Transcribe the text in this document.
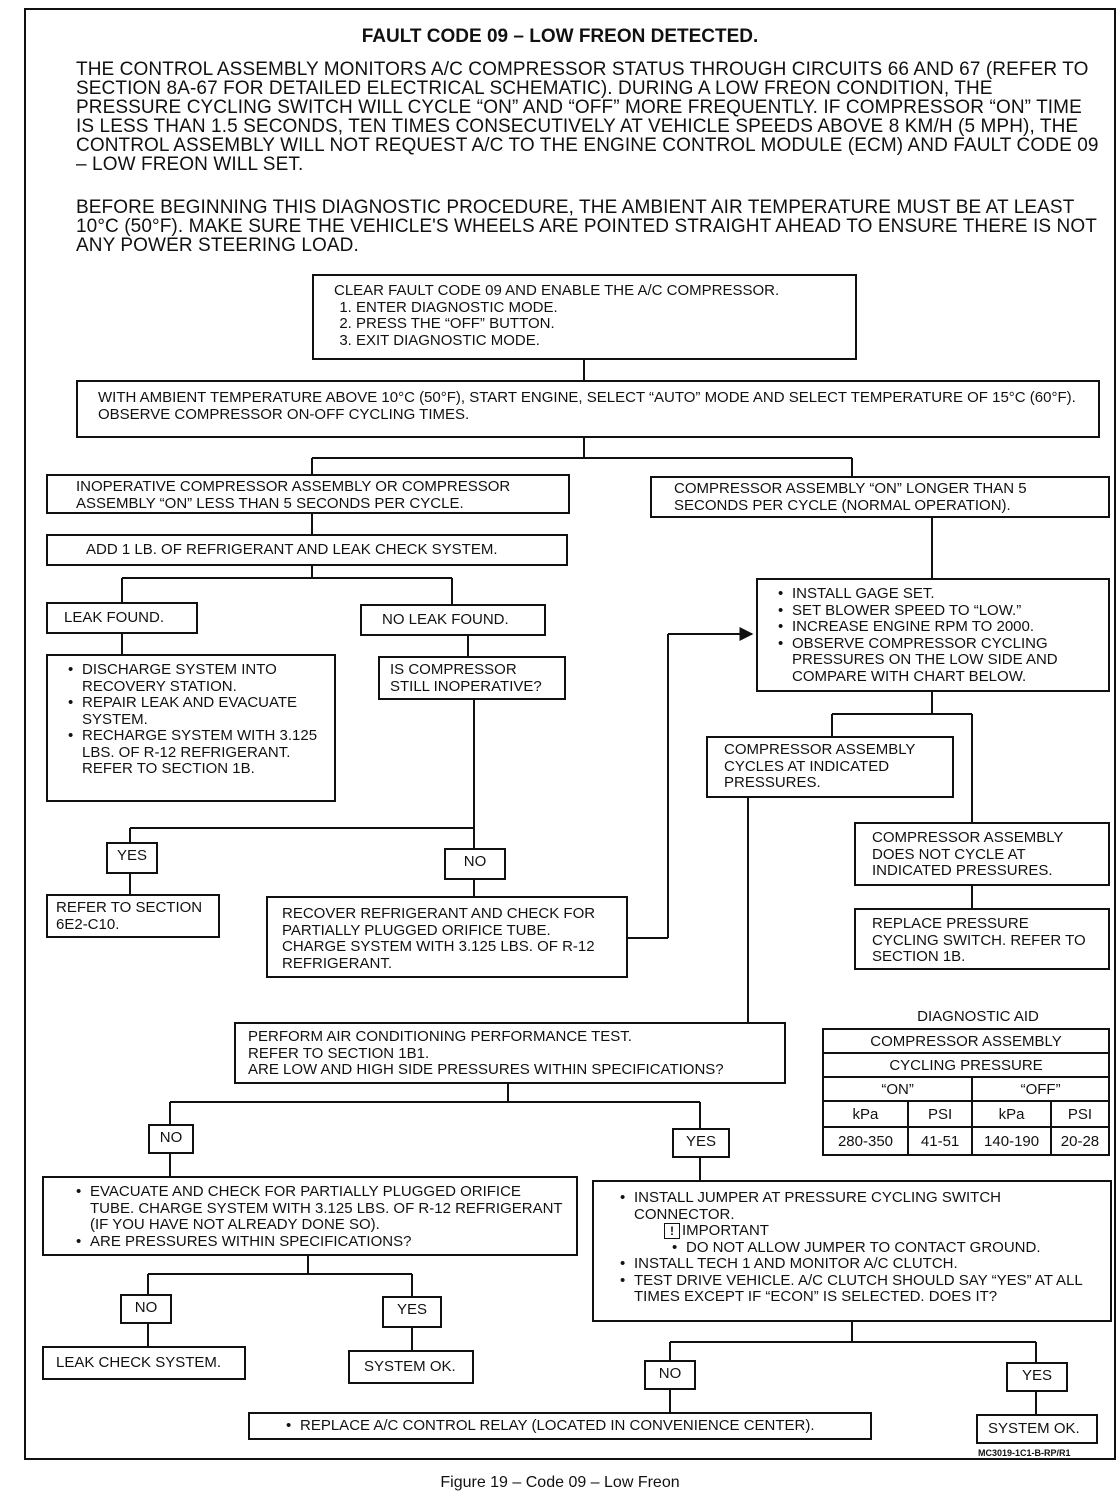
FAULT CODE 09 – LOW FREON DETECTED.
THE CONTROL ASSEMBLY MONITORS A/C COMPRESSOR STATUS THROUGH CIRCUITS 66 AND 67 (REFER TO SECTION 8A-67 FOR DETAILED ELECTRICAL SCHEMATIC). DURING A LOW FREON CONDITION, THE PRESSURE CYCLING SWITCH WILL CYCLE “ON” AND “OFF” MORE FREQUENTLY. IF COMPRESSOR “ON” TIME IS LESS THAN 1.5 SECONDS, TEN TIMES CONSECUTIVELY AT VEHICLE SPEEDS ABOVE 8 KM/H (5 MPH), THE CONTROL ASSEMBLY WILL NOT REQUEST A/C TO THE ENGINE CONTROL MODULE (ECM) AND FAULT CODE 09 – LOW FREON WILL SET.
BEFORE BEGINNING THIS DIAGNOSTIC PROCEDURE, THE AMBIENT AIR TEMPERATURE MUST BE AT LEAST 10°C (50°F). MAKE SURE THE VEHICLE'S WHEELS ARE POINTED STRAIGHT AHEAD TO ENSURE THERE IS NOT ANY POWER STEERING LOAD.
CLEAR FAULT CODE 09 AND ENABLE THE A/C COMPRESSOR.
1. ENTER DIAGNOSTIC MODE.
2. PRESS THE “OFF” BUTTON.
3. EXIT DIAGNOSTIC MODE.
WITH AMBIENT TEMPERATURE ABOVE 10°C (50°F), START ENGINE, SELECT “AUTO” MODE AND SELECT TEMPERATURE OF 15°C (60°F). OBSERVE COMPRESSOR ON-OFF CYCLING TIMES.
INOPERATIVE COMPRESSOR ASSEMBLY OR COMPRESSOR ASSEMBLY “ON” LESS THAN 5 SECONDS PER CYCLE.
COMPRESSOR ASSEMBLY “ON” LONGER THAN 5 SECONDS PER CYCLE (NORMAL OPERATION).
ADD 1 LB. OF REFRIGERANT AND LEAK CHECK SYSTEM.
LEAK FOUND.	NO LEAK FOUND.
• DISCHARGE SYSTEM INTO RECOVERY STATION.
• REPAIR LEAK AND EVACUATE SYSTEM.
• RECHARGE SYSTEM WITH 3.125 LBS. OF R-12 REFRIGERANT. REFER TO SECTION 1B.
IS COMPRESSOR STILL INOPERATIVE?
YES	NO
REFER TO SECTION 6E2-C10.
RECOVER REFRIGERANT AND CHECK FOR PARTIALLY PLUGGED ORIFICE TUBE. CHARGE SYSTEM WITH 3.125 LBS. OF R-12 REFRIGERANT.
• INSTALL GAGE SET.
• SET BLOWER SPEED TO “LOW.”
• INCREASE ENGINE RPM TO 2000.
• OBSERVE COMPRESSOR CYCLING PRESSURES ON THE LOW SIDE AND COMPARE WITH CHART BELOW.
COMPRESSOR ASSEMBLY CYCLES AT INDICATED PRESSURES.
COMPRESSOR ASSEMBLY DOES NOT CYCLE AT INDICATED PRESSURES.
REPLACE PRESSURE CYCLING SWITCH. REFER TO SECTION 1B.
DIAGNOSTIC AID
COMPRESSOR ASSEMBLY			
CYCLING PRESSURE			
“ON”		“OFF”	
kPa	PSI	kPa	PSI
280-350	41-51	140-190	20-28
PERFORM AIR CONDITIONING PERFORMANCE TEST.
REFER TO SECTION 1B1.
ARE LOW AND HIGH SIDE PRESSURES WITHIN SPECIFICATIONS?
NO	YES
• EVACUATE AND CHECK FOR PARTIALLY PLUGGED ORIFICE TUBE. CHARGE SYSTEM WITH 3.125 LBS. OF R-12 REFRIGERANT (IF YOU HAVE NOT ALREADY DONE SO).
• ARE PRESSURES WITHIN SPECIFICATIONS?
• INSTALL JUMPER AT PRESSURE CYCLING SWITCH CONNECTOR.
! IMPORTANT
• DO NOT ALLOW JUMPER TO CONTACT GROUND.
• INSTALL TECH 1 AND MONITOR A/C CLUTCH.
• TEST DRIVE VEHICLE. A/C CLUTCH SHOULD SAY “YES” AT ALL TIMES EXCEPT IF “ECON” IS SELECTED. DOES IT?
NO	YES
LEAK CHECK SYSTEM.	SYSTEM OK.	NO	YES
• REPLACE A/C CONTROL RELAY (LOCATED IN CONVENIENCE CENTER).	SYSTEM OK.
MC3019-1C1-B-RP/R1
Figure 19 – Code 09 – Low Freon
